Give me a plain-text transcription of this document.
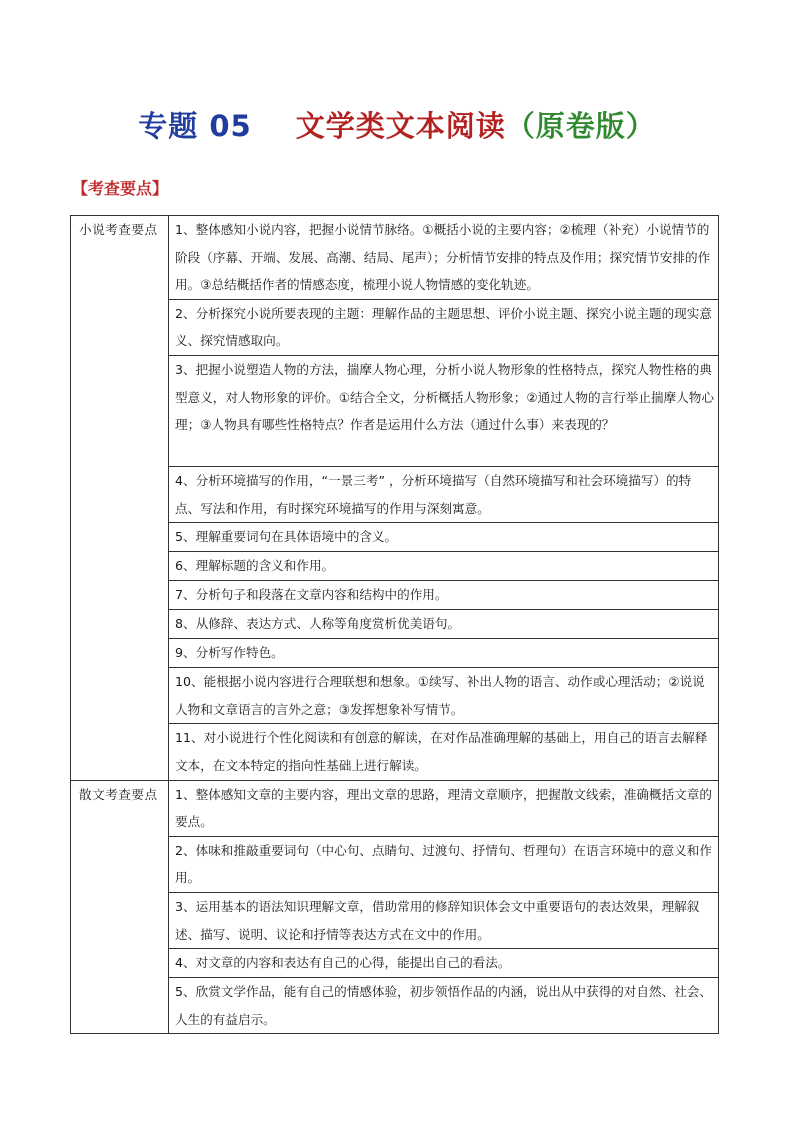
专题 05 文学类文本阅读（原卷版）
【考查要点】
小说考查要点	1、整体感知小说内容，把握小说情节脉络。①概括小说的主要内容；②梳理（补充）小说情节的阶段（序幕、开端、发展、高潮、结局、尾声）；分析情节安排的特点及作用；探究情节安排的作用。③总结概括作者的情感态度，梳理小说人物情感的变化轨迹。
	2、分析探究小说所要表现的主题：理解作品的主题思想、评价小说主题、探究小说主题的现实意义、探究情感取向。
	3、把握小说塑造人物的方法，揣摩人物心理，分析小说人物形象的性格特点，探究人物性格的典型意义，对人物形象的评价。①结合全文，分析概括人物形象；②通过人物的言行举止揣摩人物心理；③人物具有哪些性格特点？作者是运用什么方法（通过什么事）来表现的？
	4、分析环境描写的作用，“一景三考” ，分析环境描写（自然环境描写和社会环境描写）的特点、写法和作用，有时探究环境描写的作用与深刻寓意。
	5、理解重要词句在具体语境中的含义。
	6、理解标题的含义和作用。
	7、分析句子和段落在文章内容和结构中的作用。
	8、从修辞、表达方式、人称等角度赏析优美语句。
	9、分析写作特色。
	10、能根据小说内容进行合理联想和想象。①续写、补出人物的语言、动作或心理活动；②说说人物和文章语言的言外之意；③发挥想象补写情节。
	11、对小说进行个性化阅读和有创意的解读，在对作品准确理解的基础上，用自己的语言去解释文本，在文本特定的指向性基础上进行解读。
散文考查要点	1、整体感知文章的主要内容，理出文章的思路，理清文章顺序，把握散文线索，准确概括文章的要点。
	2、体味和推敲重要词句（中心句、点睛句、过渡句、抒情句、哲理句）在语言环境中的意义和作用。
	3、运用基本的语法知识理解文章，借助常用的修辞知识体会文中重要语句的表达效果，理解叙述、描写、说明、议论和抒情等表达方式在文中的作用。
	4、对文章的内容和表达有自己的心得，能提出自己的看法。
	5、欣赏文学作品，能有自己的情感体验，初步领悟作品的内涵，说出从中获得的对自然、社会、人生的有益启示。
